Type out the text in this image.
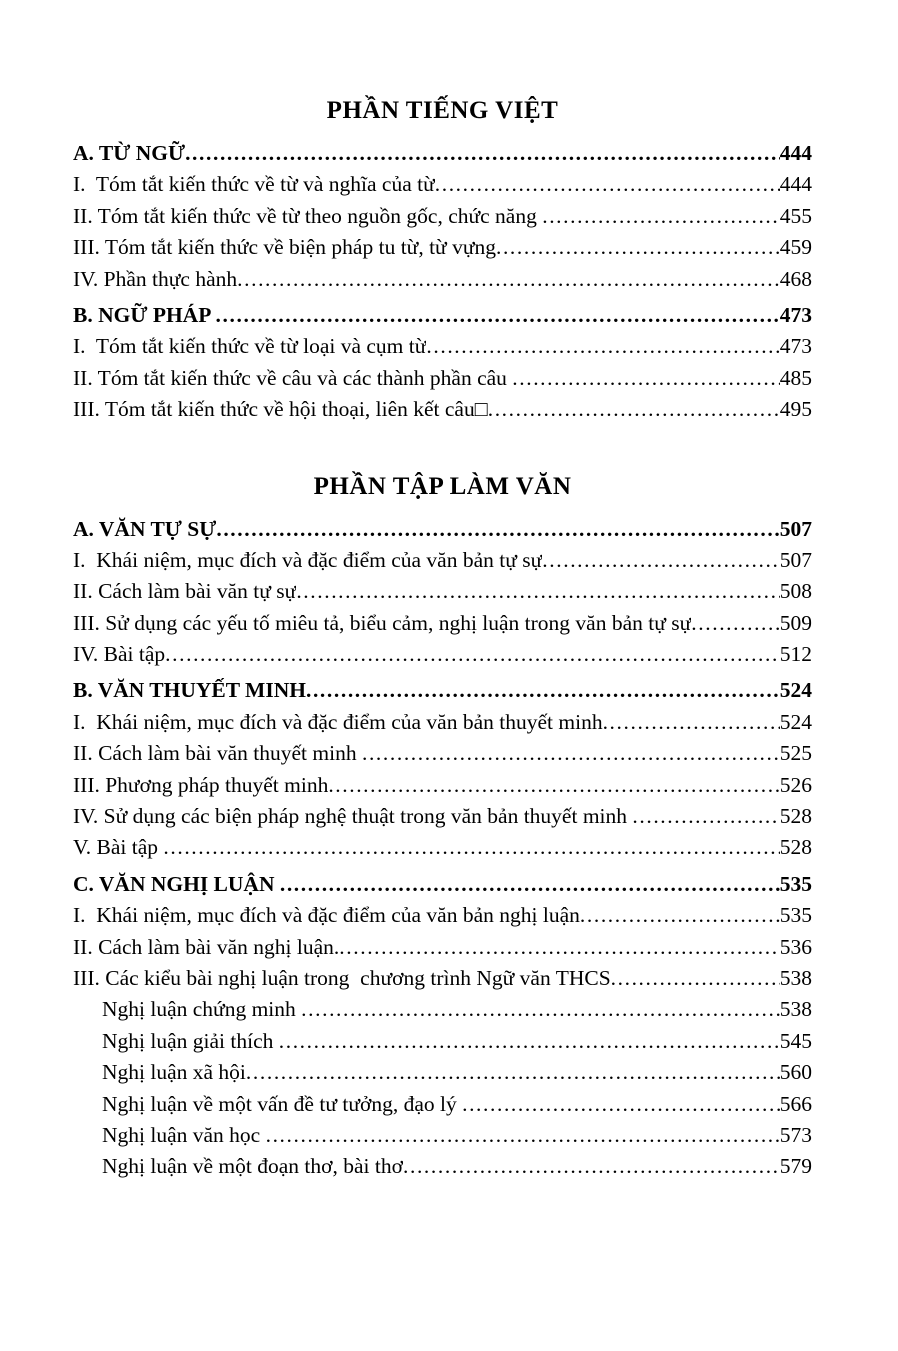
PHẦN TIẾNG VIỆT
A. TỪ NGỮ .....	444
I.  Tóm tắt kiến thức về từ và nghĩa của từ .....	444
II. Tóm tắt kiến thức về từ theo nguồn gốc, chức năng .....	455
III. Tóm tắt kiến thức về biện pháp tu từ, từ vựng .....	459
IV. Phần thực hành .....	468
B. NGỮ PHÁP .....	473
I.  Tóm tắt kiến thức về từ loại và cụm từ .....	473
II. Tóm tắt kiến thức về câu và các thành phần câu .....	485
III. Tóm tắt kiến thức về hội thoại, liên kết câu□ .....	495
PHẦN TẬP LÀM VĂN
A. VĂN TỰ SỰ .....	507
I.  Khái niệm, mục đích và đặc điểm của văn bản tự sự .....	507
II. Cách làm bài văn tự sự .....	508
III. Sử dụng các yếu tố miêu tả, biểu cảm, nghị luận trong văn bản tự sự .....	509
IV. Bài tập .....	512
B. VĂN THUYẾT MINH .....	524
I.  Khái niệm, mục đích và đặc điểm của văn bản thuyết minh .....	524
II. Cách làm bài văn thuyết minh .....	525
III. Phương pháp thuyết minh .....	526
IV. Sử dụng các biện pháp nghệ thuật trong văn bản thuyết minh .....	528
V. Bài tập .....	528
C. VĂN NGHỊ LUẬN .....	535
I.  Khái niệm, mục đích và đặc điểm của văn bản nghị luận .....	535
II. Cách làm bài văn nghị luận. .....	536
III. Các kiểu bài nghị luận trong  chương trình Ngữ văn THCS .....	538
Nghị luận chứng minh .....	538
Nghị luận giải thích .....	545
Nghị luận xã hội .....	560
Nghị luận về một vấn đề tư tưởng, đạo lý .....	566
Nghị luận văn học .....	573
Nghị luận về một đoạn thơ, bài thơ .....	579
